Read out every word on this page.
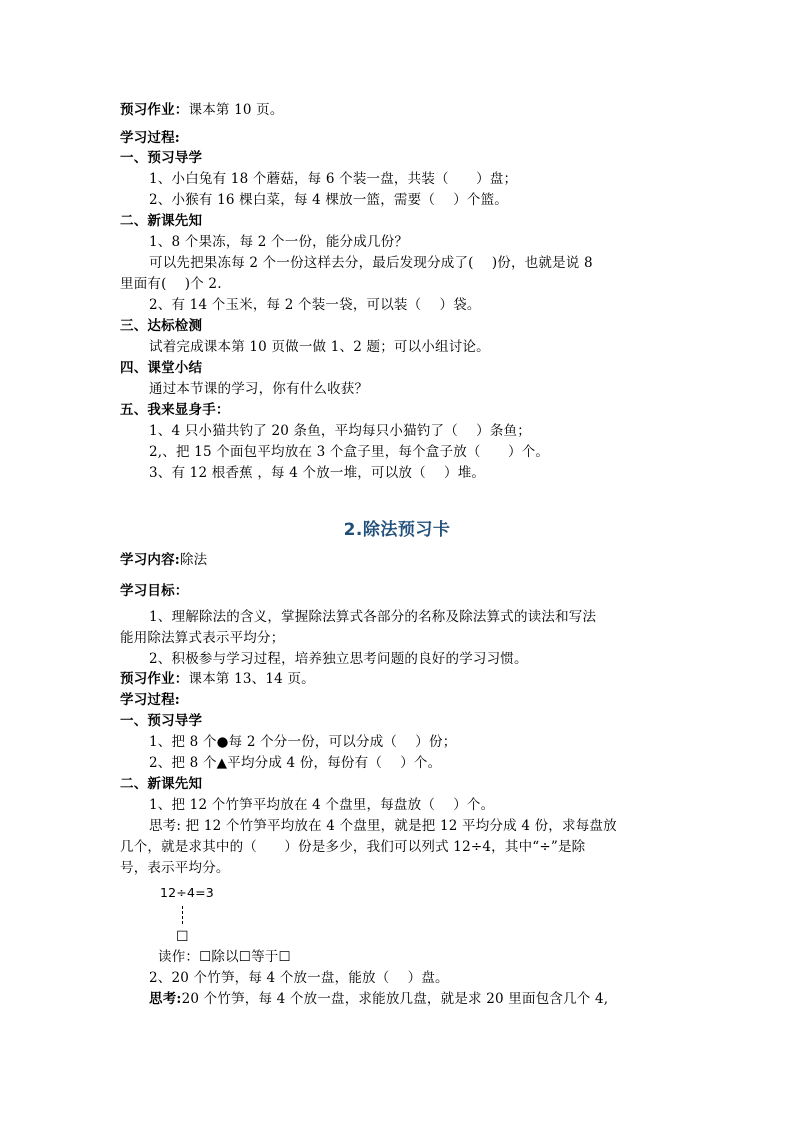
预习作业：课本第 10 页。
学习过程:
一、预习导学
1、小白兔有 18 个蘑菇，每 6 个装一盘，共装（　　）盘；
2、小猴有 16 棵白菜，每 4 棵放一篮，需要（　 ）个篮。
二、新课先知
1、8 个果冻，每 2 个一份，能分成几份？
可以先把果冻每 2 个一份这样去分，最后发现分成了(　 )份，也就是说 8
里面有(　 )个 2.
2、有 14 个玉米，每 2 个装一袋，可以装（　 ）袋。
三、达标检测
试着完成课本第 10 页做一做 1、2 题；可以小组讨论。
四、课堂小结
通过本节课的学习，你有什么收获？
五、我来显身手：
1、4 只小猫共钓了 20 条鱼，平均每只小猫钓了（　 ）条鱼；
2,、把 15 个面包平均放在 3 个盒子里，每个盒子放（　　）个。
3、有 12 根香蕉 ，每 4 个放一堆，可以放（　 ）堆。
2.除法预习卡
学习内容:除法
学习目标：
1、理解除法的含义，掌握除法算式各部分的名称及除法算式的读法和写法
能用除法算式表示平均分；
2、积极参与学习过程，培养独立思考问题的良好的学习习惯。
预习作业：课本第 13、14 页。
学习过程:
一、预习导学
1、把 8 个●每 2 个分一份，可以分成（　 ）份；
2、把 8 个▲平均分成 4 份，每份有（　 ）个。
二、新课先知
1、把 12 个竹笋平均放在 4 个盘里，每盘放（　 ）个。
思考: 把 12 个竹笋平均放在 4 个盘里，就是把 12 平均分成 4 份，求每盘放
几个，就是求其中的（　　）份是多少，我们可以列式 12÷4，其中“÷”是除
号，表示平均分。
12÷4=3
☐
读作：☐除以☐等于☐
2、20 个竹笋，每 4 个放一盘，能放（　 ）盘。
思考:20 个竹笋，每 4 个放一盘，求能放几盘，就是求 20 里面包含几个 4,
